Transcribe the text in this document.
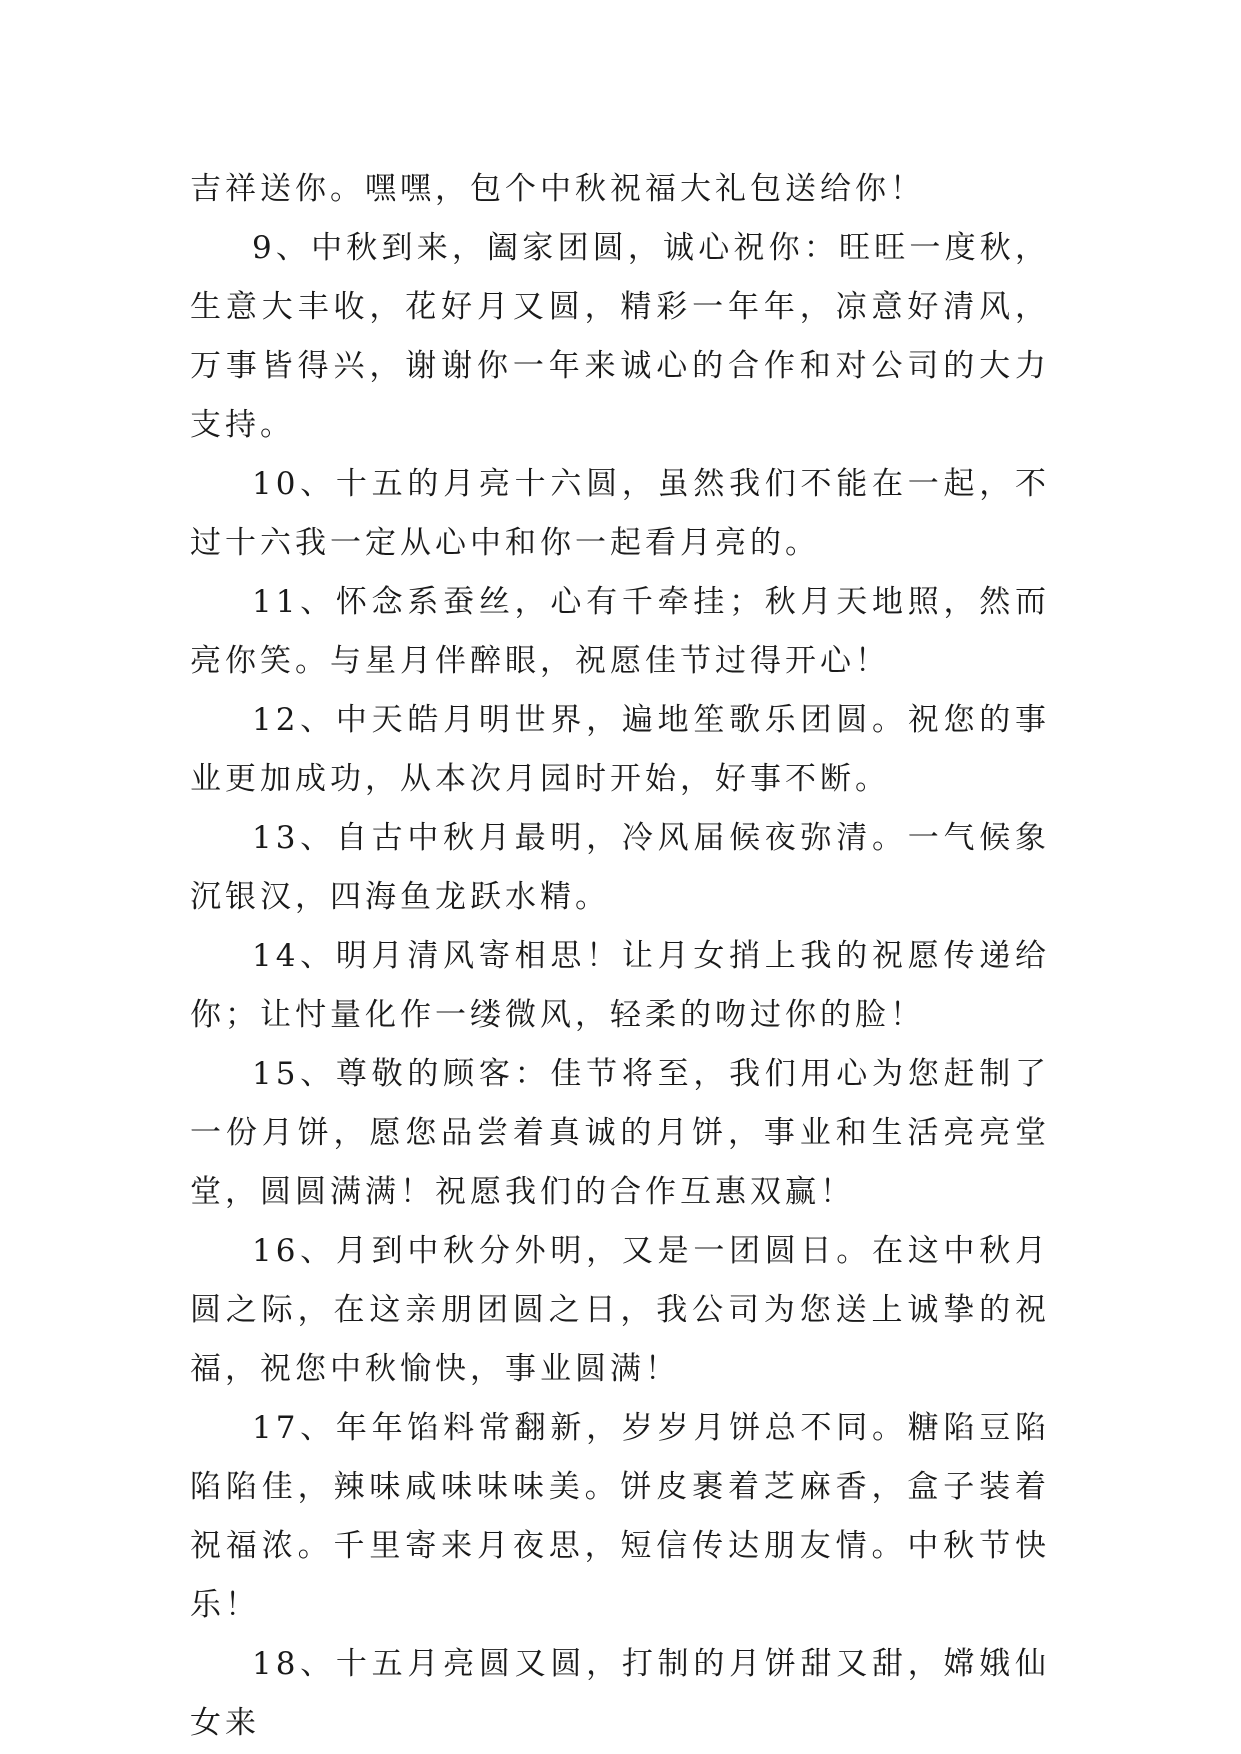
吉祥送你。嘿嘿，包个中秋祝福大礼包送给你！

9、中秋到来，阖家团圆，诚心祝你：旺旺一度秋，生意大丰收，花好月又圆，精彩一年年，凉意好清风，万事皆得兴，谢谢你一年来诚心的合作和对公司的大力支持。

10、十五的月亮十六圆，虽然我们不能在一起，不过十六我一定从心中和你一起看月亮的。

11、怀念系蚕丝，心有千牵挂；秋月天地照，然而亮你笑。与星月伴醉眼，祝愿佳节过得开心！

12、中天皓月明世界，遍地笙歌乐团圆。祝您的事业更加成功，从本次月园时开始，好事不断。

13、自古中秋月最明，冷风届候夜弥清。一气候象沉银汉，四海鱼龙跃水精。

14、明月清风寄相思！让月女捎上我的祝愿传递给你；让忖量化作一缕微风，轻柔的吻过你的脸！

15、尊敬的顾客：佳节将至，我们用心为您赶制了一份月饼，愿您品尝着真诚的月饼，事业和生活亮亮堂堂，圆圆满满！祝愿我们的合作互惠双赢！

16、月到中秋分外明，又是一团圆日。在这中秋月圆之际，在这亲朋团圆之日，我公司为您送上诚挚的祝福，祝您中秋愉快，事业圆满！

17、年年馅料常翻新，岁岁月饼总不同。糖陷豆陷陷陷佳，辣味咸味味味美。饼皮裹着芝麻香，盒子装着祝福浓。千里寄来月夜思，短信传达朋友情。中秋节快乐！

18、十五月亮圆又圆，打制的月饼甜又甜，嫦娥仙女来
